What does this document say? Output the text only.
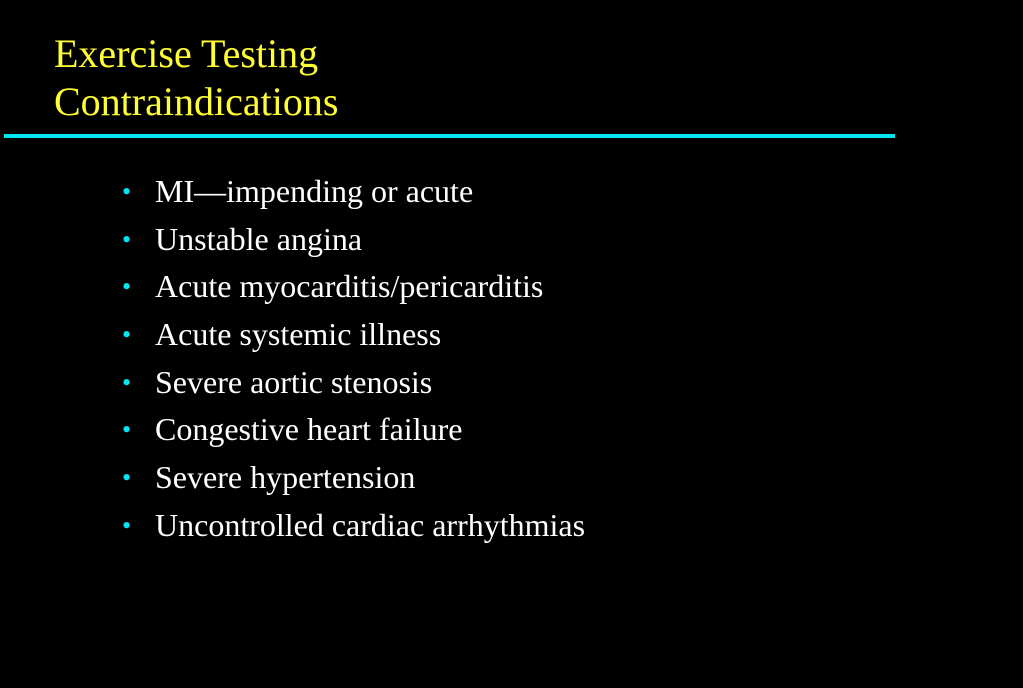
Exercise Testing
Contraindications
• MI—impending or acute
• Unstable angina
• Acute myocarditis/pericarditis
• Acute systemic illness
• Severe aortic stenosis
• Congestive heart failure
• Severe hypertension
• Uncontrolled cardiac arrhythmias
